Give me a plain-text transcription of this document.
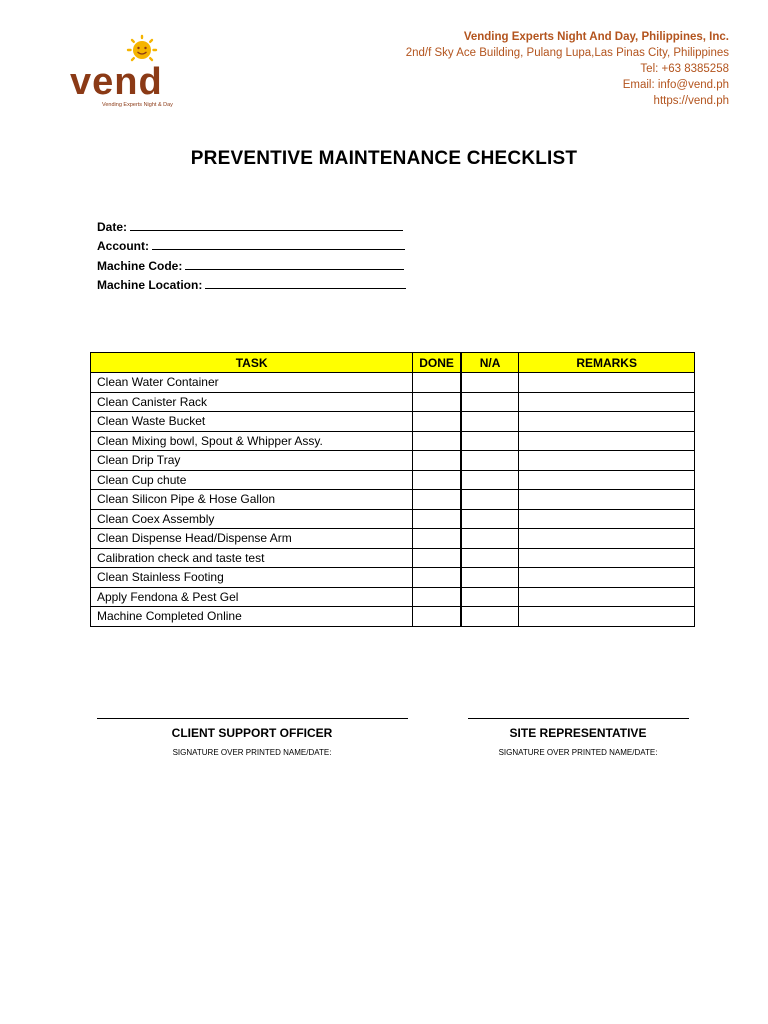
vend
Vending Experts Night & Day
Vending Experts Night And Day, Philippines, Inc.
2nd/f Sky Ace Building, Pulang Lupa,Las Pinas City, Philippines
Tel: +63 8385258
Email: info@vend.ph
https://vend.ph
PREVENTIVE MAINTENANCE CHECKLIST
Date:
Account:
Machine Code:
Machine Location:
TASK	DONE	N/A	REMARKS
Clean Water Container			
Clean Canister Rack			
Clean Waste Bucket			
Clean Mixing bowl, Spout & Whipper Assy.			
Clean Drip Tray			
Clean Cup chute			
Clean Silicon Pipe & Hose Gallon			
Clean Coex Assembly			
Clean Dispense Head/Dispense Arm			
Calibration check and taste test			
Clean Stainless Footing			
Apply Fendona & Pest Gel			
Machine Completed Online			
CLIENT SUPPORT OFFICER
SIGNATURE OVER PRINTED NAME/DATE:
SITE REPRESENTATIVE
SIGNATURE OVER PRINTED NAME/DATE:
